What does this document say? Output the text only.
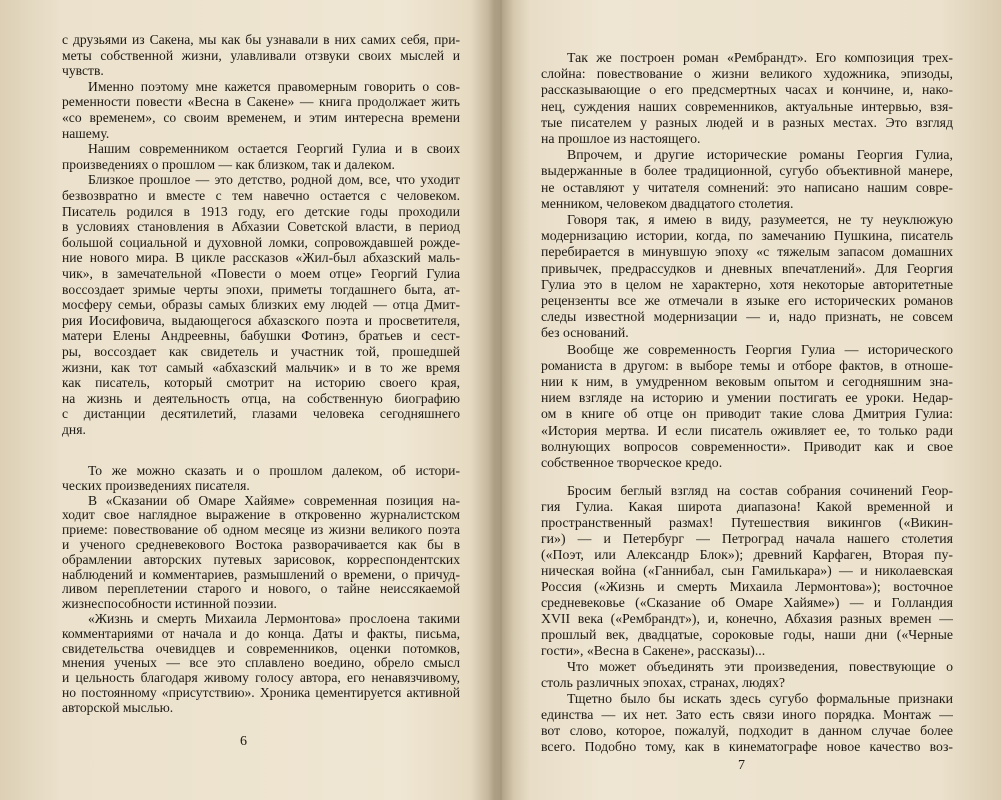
с друзьями из Сакена, мы как бы узнавали в них самих себя, при-
меты собственной жизни, улавливали отзвуки своих мыслей и
чувств.
Именно поэтому мне кажется правомерным говорить о сов-
ременности повести «Весна в Сакене» — книга продолжает жить
«со временем», со своим временем, и этим интересна времени
нашему.
Нашим современником остается Георгий Гулиа и в своих
произведениях о прошлом — как близком, так и далеком.
Близкое прошлое — это детство, родной дом, все, что уходит
безвозвратно и вместе с тем навечно остается с человеком.
Писатель родился в 1913 году, его детские годы проходили
в условиях становления в Абхазии Советской власти, в период
большой социальной и духовной ломки, сопровождавшей рожде-
ние нового мира. В цикле рассказов «Жил-был абхазский маль-
чик», в замечательной «Повести о моем отце» Георгий Гулиа
воссоздает зримые черты эпохи, приметы тогдашнего быта, ат-
мосферу семьи, образы самых близких ему людей — отца Дмит-
рия Иосифовича, выдающегося абхазского поэта и просветителя,
матери Елены Андреевны, бабушки Фотинэ, братьев и сест-
ры, воссоздает как свидетель и участник той, прошедшей
жизни, как тот самый «абхазский мальчик» и в то же время
как писатель, который смотрит на историю своего края,
на жизнь и деятельность отца, на собственную биографию
с дистанции десятилетий, глазами человека сегодняшнего
дня.
То же можно сказать и о прошлом далеком, об истори-
ческих произведениях писателя.
В «Сказании об Омаре Хайяме» современная позиция на-
ходит свое наглядное выражение в откровенно журналистском
приеме: повествование об одном месяце из жизни великого поэта
и ученого средневекового Востока разворачивается как бы в
обрамлении авторских путевых зарисовок, корреспондентских
наблюдений и комментариев, размышлений о времени, о причуд-
ливом переплетении старого и нового, о тайне неиссякаемой
жизнеспособности истинной поэзии.
«Жизнь и смерть Михаила Лермонтова» прослоена такими
комментариями от начала и до конца. Даты и факты, письма,
свидетельства очевидцев и современников, оценки потомков,
мнения ученых — все это сплавлено воедино, обрело смысл
и цельность благодаря живому голосу автора, его ненавязчивому,
но постоянному «присутствию». Хроника цементируется активной
авторской мыслью.
Так же построен роман «Рембрандт». Его композиция трех-
слойна: повествование о жизни великого художника, эпизоды,
рассказывающие о его предсмертных часах и кончине, и, нако-
нец, суждения наших современников, актуальные интервью, взя-
тые писателем у разных людей и в разных местах. Это взгляд
на прошлое из настоящего.
Впрочем, и другие исторические романы Георгия Гулиа,
выдержанные в более традиционной, сугубо объективной манере,
не оставляют у читателя сомнений: это написано нашим совре-
менником, человеком двадцатого столетия.
Говоря так, я имею в виду, разумеется, не ту неуклюжую
модернизацию истории, когда, по замечанию Пушкина, писатель
перебирается в минувшую эпоху «с тяжелым запасом домашних
привычек, предрассудков и дневных впечатлений». Для Георгия
Гулиа это в целом не характерно, хотя некоторые авторитетные
рецензенты все же отмечали в языке его исторических романов
следы известной модернизации — и, надо признать, не совсем
без оснований.
Вообще же современность Георгия Гулиа — исторического
романиста в другом: в выборе темы и отборе фактов, в отноше-
нии к ним, в умудренном вековым опытом и сегодняшним зна-
нием взгляде на историю и умении постигать ее уроки. Недар-
ом в книге об отце он приводит такие слова Дмитрия Гулиа:
«История мертва. И если писатель оживляет ее, то только ради
волнующих вопросов современности». Приводит как и свое
собственное творческое кредо.
Бросим беглый взгляд на состав собрания сочинений Геор-
гия Гулиа. Какая широта диапазона! Какой временной и
пространственный размах! Путешествия викингов («Викин-
ги») — и Петербург — Петроград начала нашего столетия
(«Поэт, или Александр Блок»); древний Карфаген, Вторая пу-
ническая война («Ганнибал, сын Гамилькара») — и николаевская
Россия («Жизнь и смерть Михаила Лермонтова»); восточное
средневековье («Сказание об Омаре Хайяме») — и Голландия
XVII века («Рембрандт»), и, конечно, Абхазия разных времен —
прошлый век, двадцатые, сороковые годы, наши дни («Черные
гости», «Весна в Сакене», рассказы)...
Что может объединять эти произведения, повествующие о
столь различных эпохах, странах, людях?
Тщетно было бы искать здесь сугубо формальные признаки
единства — их нет. Зато есть связи иного порядка. Монтаж —
вот слово, которое, пожалуй, подходит в данном случае более
всего. Подобно тому, как в кинематографе новое качество воз-
6
7
